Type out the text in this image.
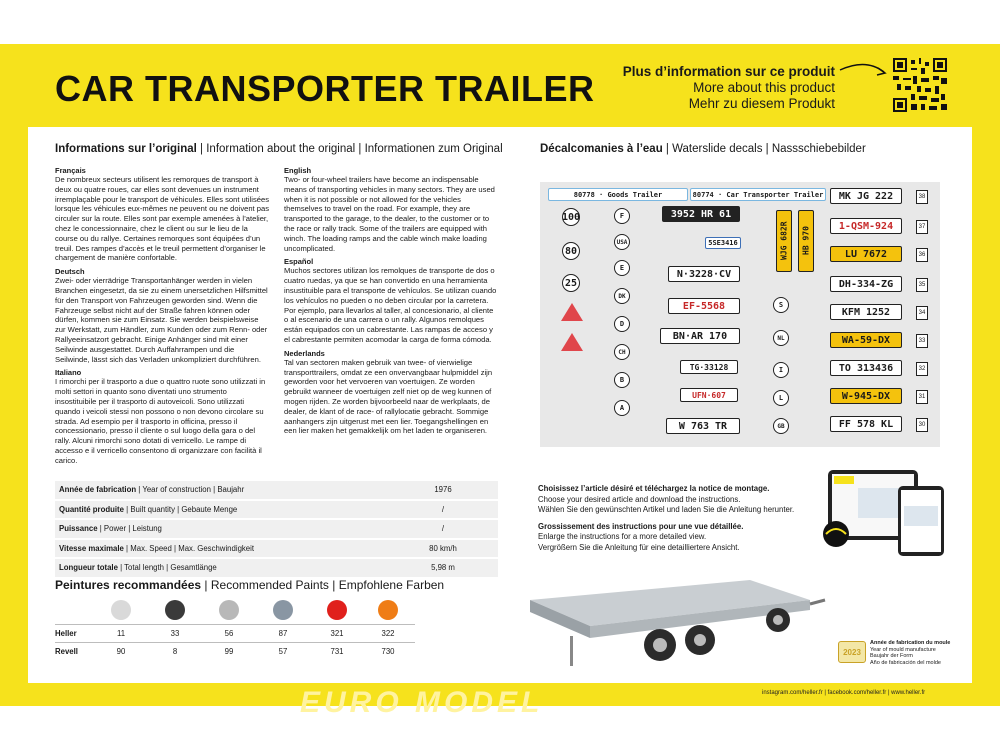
CAR TRANSPORTER TRAILER Plus d’information sur ce produit
More about this product
Mehr zu diesem Produkt
Informations sur l’original | Information about the original | Informationen zum Original
Français
De nombreux secteurs utilisent les remorques de transport à deux ou quatre roues, car elles sont devenues un instrument irremplaçable pour le transport de véhicules. Elles sont utilisées lorsque les véhicules eux-mêmes ne peuvent ou ne doivent pas circuler sur la route. Elles sont par exemple amenées à l’atelier, chez le concessionnaire, chez le client ou sur le lieu de la course ou du rallye. Certaines remorques sont équipées d’un treuil. Des rampes d’accès et le treuil permettent d’organiser le chargement de manière confortable.
Deutsch
Zwei- oder vierrädrige Transportanhänger werden in vielen Branchen eingesetzt, da sie zu einem unersetzlichen Hilfsmittel für den Transport von Fahrzeugen geworden sind. Wenn die Fahrzeuge selbst nicht auf der Straße fahren können oder dürfen, kommen sie zum Einsatz. Sie werden beispielsweise zur Werkstatt, zum Händler, zum Kunden oder zum Renn- oder Rallyeeinsatzort gebracht. Einige Anhänger sind mit einer Seilwinde ausgestattet. Durch Auffahrrampen und die Seilwinde, lässt sich das Verladen unkompliziert durchführen.
Italiano
I rimorchi per il trasporto a due o quattro ruote sono utilizzati in molti settori in quanto sono diventati uno strumento insostituibile per il trasporto di autoveicoli. Sono utilizzati quando i veicoli stessi non possono o non devono circolare su strada. Ad esempio per il trasporto in officina, presso il concessionario, presso il cliente o sul luogo della gara o del rally. Alcuni rimorchi sono dotati di verricello. Le rampe di accesso e il verricello consentono di organizzare con facilità il carico.
English
Two- or four-wheel trailers have become an indispensable means of transporting vehicles in many sectors. They are used when it is not possible or not allowed for the vehicles themselves to travel on the road. For example, they are transported to the garage, to the dealer, to the customer or to the race or rally track. Some of the trailers are equipped with winch. The loading ramps and the cable winch make loading uncomplicated.
Español
Muchos sectores utilizan los remolques de transporte de dos o cuatro ruedas, ya que se han convertido en una herramienta insustituible para el transporte de vehículos. Se utilizan cuando los vehículos no pueden o no deben circular por la carretera. Por ejemplo, para llevarlos al taller, al concesionario, al cliente o al escenario de una carrera o un rally. Algunos remolques están equipados con un cabrestante. Las rampas de acceso y el cabrestante permiten acomodar la carga de forma cómoda.
Nederlands
Tal van sectoren maken gebruik van twee- of vierwielige transporttrailers, omdat ze een onvervangbaar hulpmiddel zijn geworden voor het vervoeren van voertuigen. Ze worden gebruikt wanneer de voertuigen zelf niet op de weg kunnen of mogen rijden. Ze worden bijvoorbeeld naar de werkplaats, de dealer, de klant of de race- of rallylocatie gebracht. Sommige aanhangers zijn uitgerust met een lier. Toegangshellingen en een lier maken het gemakkelijk om het laden te organiseren.
Année de fabrication | Year of construction | Baujahr	1976
Quantité produite | Built quantity | Gebaute Menge	/
Puissance | Power | Leistung	/
Vitesse maximale | Max. Speed | Max. Geschwindigkeit	80 km/h
Longueur totale | Total length | Gesamtlänge	5,98 m
Peintures recommandées | Recommended Paints | Empfohlene Farben
Heller	11	33	56	87	321	322
Revell	90	8	99	57	731	730
Décalcomanies à l’eau | Waterslide decals | Nassschiebebilder
80778 · Goods Trailer	80774 · Car Transporter Trailer
100
80
25
F
USA
E
DK
D
CH
B
A
3952 HR 61
5SE3416
N·3228·CV
EF-5568
BN·AR 170
TG·33128
UFN·607
W 763 TR
WJG 682R	HB 970
S
NL
I
L
GB
MK JG 222
1-QSM-924
LU 7672
DH-334-ZG
KFM 1252
WA-59-DX
TO 313436
W-945-DX
FF 578 KL
38
37
36
35
34
33
32
31
30
Choisissez l’article désiré et téléchargez la notice de montage.
Choose your desired article and download the instructions.
Wählen Sie den gewünschten Artikel und laden Sie die Anleitung herunter.
Grossissement des instructions pour une vue détaillée.
Enlarge the instructions for a more detailed view.
Vergrößern Sie die Anleitung für eine detailliertere Ansicht.
2023
Année de fabrication du moule
Year of mould manufacture
Baujahr der Form
Año de fabricación del molde
instagram.com/heller.fr | facebook.com/heller.fr | www.heller.fr
EURO MODEL
